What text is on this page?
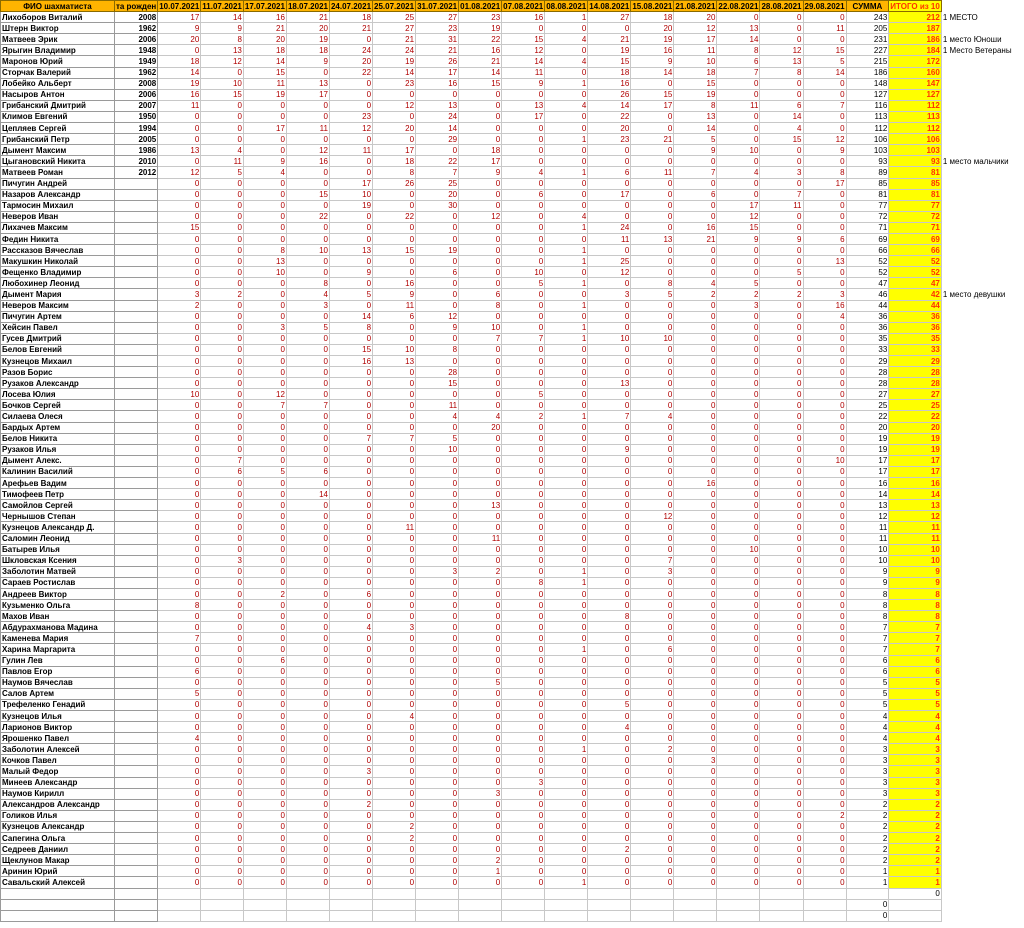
ФИО шахматиста	та рожден	10.07.2021	11.07.2021	17.07.2021	18.07.2021	24.07.2021	25.07.2021	31.07.2021	01.08.2021	07.08.2021	08.08.2021	14.08.2021	15.08.2021	21.08.2021	22.08.2021	28.08.2021	29.08.2021	СУММА	ИТОГО из 10	
Лихоборов Виталий	2008	17	14	16	21	18	25	27	23	16	1	27	18	20	0	0	0	243	212	1 МЕСТО
Штерн Виктор	1962	9	9	21	20	21	27	23	19	0	0	0	20	12	13	0	11	205	187	
Матвеев Эрик	2006	20	8	20	19	0	21	31	22	15	4	21	19	17	14	0	0	231	186	1 место Юноши
Ярыгин Владимир	1948	0	13	18	18	24	24	21	16	12	0	19	16	11	8	12	15	227	184	1 Место Ветераны
Маронов Юрий	1949	18	12	14	9	20	19	26	21	14	4	15	9	10	6	13	5	215	172	
Сторчак Валерий	1962	14	0	15	0	22	14	17	14	11	0	18	14	18	7	8	14	186	160	
Лобейко Альберт	2008	19	10	11	13	0	23	16	15	9	1	16	0	15	0	0	0	148	147	
Насыров Антон	2006	16	15	19	17	0	0	0	0	0	0	26	15	19	0	0	0	127	127	
Грибанский Дмитрий	2007	11	0	0	0	0	12	13	0	13	4	14	17	8	11	6	7	116	112	
Климов Евгений	1950	0	0	0	0	23	0	24	0	17	0	22	0	13	0	14	0	113	113	
Цепляев Сергей	1994	0	0	17	11	12	20	14	0	0	0	20	0	14	0	4	0	112	112	
Грибанский Петр	2005	0	0	0	0	0	0	29	0	0	1	23	21	5	0	15	12	106	106	
Дымент Максим	1986	13	4	0	12	11	17	0	18	0	0	0	0	9	10	0	9	103	103	
Цыгановский Никита	2010	0	11	9	16	0	18	22	17	0	0	0	0	0	0	0	0	93	93	1 место мальчики
Матвеев Роман	2012	12	5	4	0	0	8	7	9	4	1	6	11	7	4	3	8	89	81	
Пичугин Андрей		0	0	0	0	17	26	25	0	0	0	0	0	0	0	0	17	85	85	
Назаров Александр		0	0	0	15	10	0	20	0	6	0	17	0	6	0	7	0	81	81	
Тармосин Михаил		0	0	0	0	19	0	30	0	0	0	0	0	0	17	11	0	77	77	
Неверов Иван		0	0	0	22	0	22	0	12	0	4	0	0	0	12	0	0	72	72	
Лихачев Максим		15	0	0	0	0	0	0	0	0	1	24	0	16	15	0	0	71	71	
Федин Никита		0	0	0	0	0	0	0	0	0	0	11	13	21	9	9	6	69	69	
Рассказов Вячеслав		0	0	8	10	13	15	19	0	0	1	0	0	0	0	0	0	66	66	
Макушкин Николай		0	0	13	0	0	0	0	0	0	1	25	0	0	0	0	13	52	52	
Фещенко Владимир		0	0	10	0	9	0	6	0	10	0	12	0	0	0	5	0	52	52	
Любохинер Леонид		0	0	0	8	0	16	0	0	5	1	0	8	4	5	0	0	47	47	
Дымент Мария		3	2	0	4	5	9	0	6	0	0	3	5	2	2	2	3	46	42	1 место девушки
Неверов Максим		2	0	0	3	0	11	0	8	0	1	0	0	0	3	0	16	44	44	
Пичугин Артем		0	0	0	0	14	6	12	0	0	0	0	0	0	0	0	4	36	36	
Хейсин Павел		0	0	3	5	8	0	9	10	0	1	0	0	0	0	0	0	36	36	
Гусев Дмитрий		0	0	0	0	0	0	0	7	7	1	10	10	0	0	0	0	35	35	
Белов Евгений		0	0	0	0	15	10	8	0	0	0	0	0	0	0	0	0	33	33	
Кузнецов Михаил		0	0	0	0	16	13	0	0	0	0	0	0	0	0	0	0	29	29	
Разов Борис		0	0	0	0	0	0	28	0	0	0	0	0	0	0	0	0	28	28	
Рузаков Александр		0	0	0	0	0	0	15	0	0	0	13	0	0	0	0	0	28	28	
Лосева Юлия		10	0	12	0	0	0	0	0	5	0	0	0	0	0	0	0	27	27	
Бочков Сергей		0	0	7	7	0	0	11	0	0	0	0	0	0	0	0	0	25	25	
Силаева Олеся		0	0	0	0	0	0	4	4	2	1	7	4	0	0	0	0	22	22	
Бардых Артем		0	0	0	0	0	0	0	20	0	0	0	0	0	0	0	0	20	20	
Белов Никита		0	0	0	0	7	7	5	0	0	0	0	0	0	0	0	0	19	19	
Рузаков Илья		0	0	0	0	0	0	10	0	0	0	9	0	0	0	0	0	19	19	
Дымент Алекс.		0	7	0	0	0	0	0	0	0	0	0	0	0	0	0	10	17	17	
Калинин Василий		0	6	5	6	0	0	0	0	0	0	0	0	0	0	0	0	17	17	
Арефьев Вадим		0	0	0	0	0	0	0	0	0	0	0	0	16	0	0	0	16	16	
Тимофеев Петр		0	0	0	14	0	0	0	0	0	0	0	0	0	0	0	0	14	14	
Самойлов Сергей		0	0	0	0	0	0	0	13	0	0	0	0	0	0	0	0	13	13	
Чернышов Степан		0	0	0	0	0	0	0	0	0	0	0	12	0	0	0	0	12	12	
Кузнецов Александр Д.		0	0	0	0	0	11	0	0	0	0	0	0	0	0	0	0	11	11	
Саломин Леонид		0	0	0	0	0	0	0	11	0	0	0	0	0	0	0	0	11	11	
Батырев Илья		0	0	0	0	0	0	0	0	0	0	0	0	0	10	0	0	10	10	
Шкловская Ксения		0	3	0	0	0	0	0	0	0	0	0	7	0	0	0	0	10	10	
Заболотин Матвей		0	0	0	0	0	0	3	2	0	1	0	3	0	0	0	0	9	9	
Сараев Ростислав		0	0	0	0	0	0	0	0	8	1	0	0	0	0	0	0	9	9	
Андреев Виктор		0	0	2	0	6	0	0	0	0	0	0	0	0	0	0	0	8	8	
Кузьменко Ольга		8	0	0	0	0	0	0	0	0	0	0	0	0	0	0	0	8	8	
Махов Иван		0	0	0	0	0	0	0	0	0	0	8	0	0	0	0	0	8	8	
Абдурахманова Мадина		0	0	0	0	4	3	0	0	0	0	0	0	0	0	0	0	7	7	
Каменева Мария		7	0	0	0	0	0	0	0	0	0	0	0	0	0	0	0	7	7	
Харина Маргарита		0	0	0	0	0	0	0	0	0	1	0	6	0	0	0	0	7	7	
Гулин Лев		0	0	6	0	0	0	0	0	0	0	0	0	0	0	0	0	6	6	
Павлов Егор		6	0	0	0	0	0	0	0	0	0	0	0	0	0	0	0	6	6	
Наумов Вячеслав		0	0	0	0	0	0	0	5	0	0	0	0	0	0	0	0	5	5	
Салов Артем		5	0	0	0	0	0	0	0	0	0	0	0	0	0	0	0	5	5	
Трефеленко Генадий		0	0	0	0	0	0	0	0	0	0	5	0	0	0	0	0	5	5	
Кузнецов Илья		0	0	0	0	0	4	0	0	0	0	0	0	0	0	0	0	4	4	
Ларионов Виктор		0	0	0	0	0	0	0	0	0	0	4	0	0	0	0	0	4	4	
Ярошенко Павел		4	0	0	0	0	0	0	0	0	0	0	0	0	0	0	0	4	4	
Заболотин Алексей		0	0	0	0	0	0	0	0	0	1	0	2	0	0	0	0	3	3	
Кочков Павел		0	0	0	0	0	0	0	0	0	0	0	0	3	0	0	0	3	3	
Малый Федор		0	0	0	0	3	0	0	0	0	0	0	0	0	0	0	0	3	3	
Минеев Александр		0	0	0	0	0	0	0	0	3	0	0	0	0	0	0	0	3	3	
Наумов Кирилл		0	0	0	0	0	0	0	3	0	0	0	0	0	0	0	0	3	3	
Александров Александр		0	0	0	0	2	0	0	0	0	0	0	0	0	0	0	0	2	2	
Голиков Илья		0	0	0	0	0	0	0	0	0	0	0	0	0	0	0	2	2	2	
Кузнецов Александр		0	0	0	0	0	2	0	0	0	0	0	0	0	0	0	0	2	2	
Сапегина Ольга		0	0	0	0	0	2	0	0	0	0	0	0	0	0	0	0	2	2	
Седреев Даниил		0	0	0	0	0	0	0	0	0	0	2	0	0	0	0	0	2	2	
Щеклунов Макар		0	0	0	0	0	0	0	2	0	0	0	0	0	0	0	0	2	2	
Аринин Юрий		0	0	0	0	0	0	0	1	0	0	0	0	0	0	0	0	1	1	
Савальский Алексей		0	0	0	0	0	0	0	0	0	1	0	0	0	0	0	0	1	1	
																			0	
																		0		
																		0		
